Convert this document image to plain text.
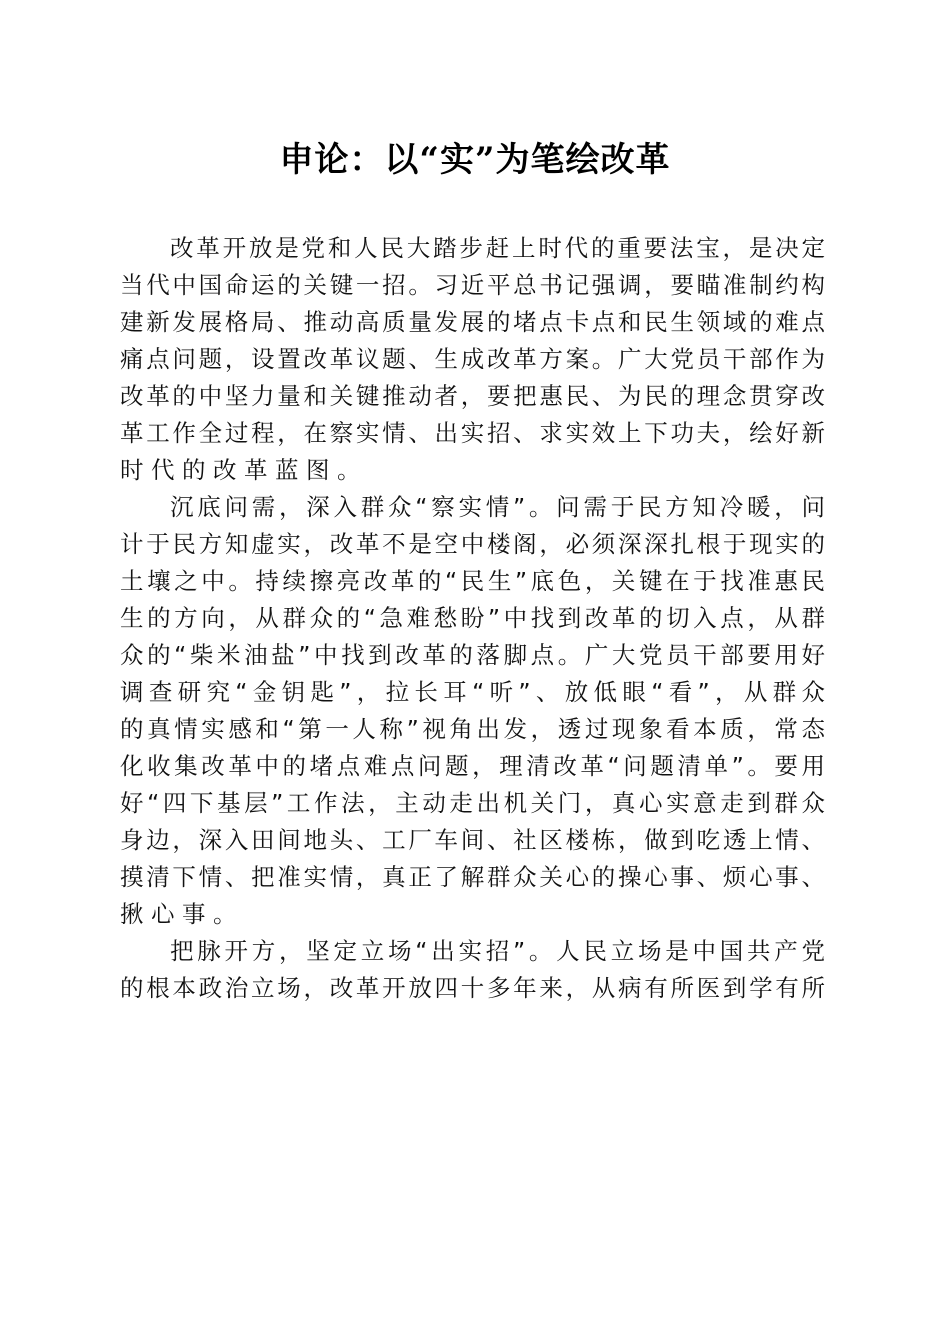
申论：以“实”为笔绘改革
改革开放是党和人民大踏步赶上时代的重要法宝，是决定
当代中国命运的关键一招。习近平总书记强调，要瞄准制约构
建新发展格局、推动高质量发展的堵点卡点和民生领域的难点
痛点问题，设置改革议题、生成改革方案。广大党员干部作为
改革的中坚力量和关键推动者，要把惠民、为民的理念贯穿改
革工作全过程，在察实情、出实招、求实效上下功夫，绘好新
时代的改革蓝图。
沉底问需，深入群众“察实情”。问需于民方知冷暖，问
计于民方知虚实，改革不是空中楼阁，必须深深扎根于现实的
土壤之中。持续擦亮改革的“民生”底色，关键在于找准惠民
生的方向，从群众的“急难愁盼”中找到改革的切入点，从群
众的“柴米油盐”中找到改革的落脚点。广大党员干部要用好
调查研究“金钥匙”，拉长耳“听”、放低眼“看”，从群众
的真情实感和“第一人称”视角出发，透过现象看本质，常态
化收集改革中的堵点难点问题，理清改革“问题清单”。要用
好“四下基层”工作法，主动走出机关门，真心实意走到群众
身边，深入田间地头、工厂车间、社区楼栋，做到吃透上情、
摸清下情、把准实情，真正了解群众关心的操心事、烦心事、
揪心事。
把脉开方，坚定立场“出实招”。人民立场是中国共产党
的根本政治立场，改革开放四十多年来，从病有所医到学有所
